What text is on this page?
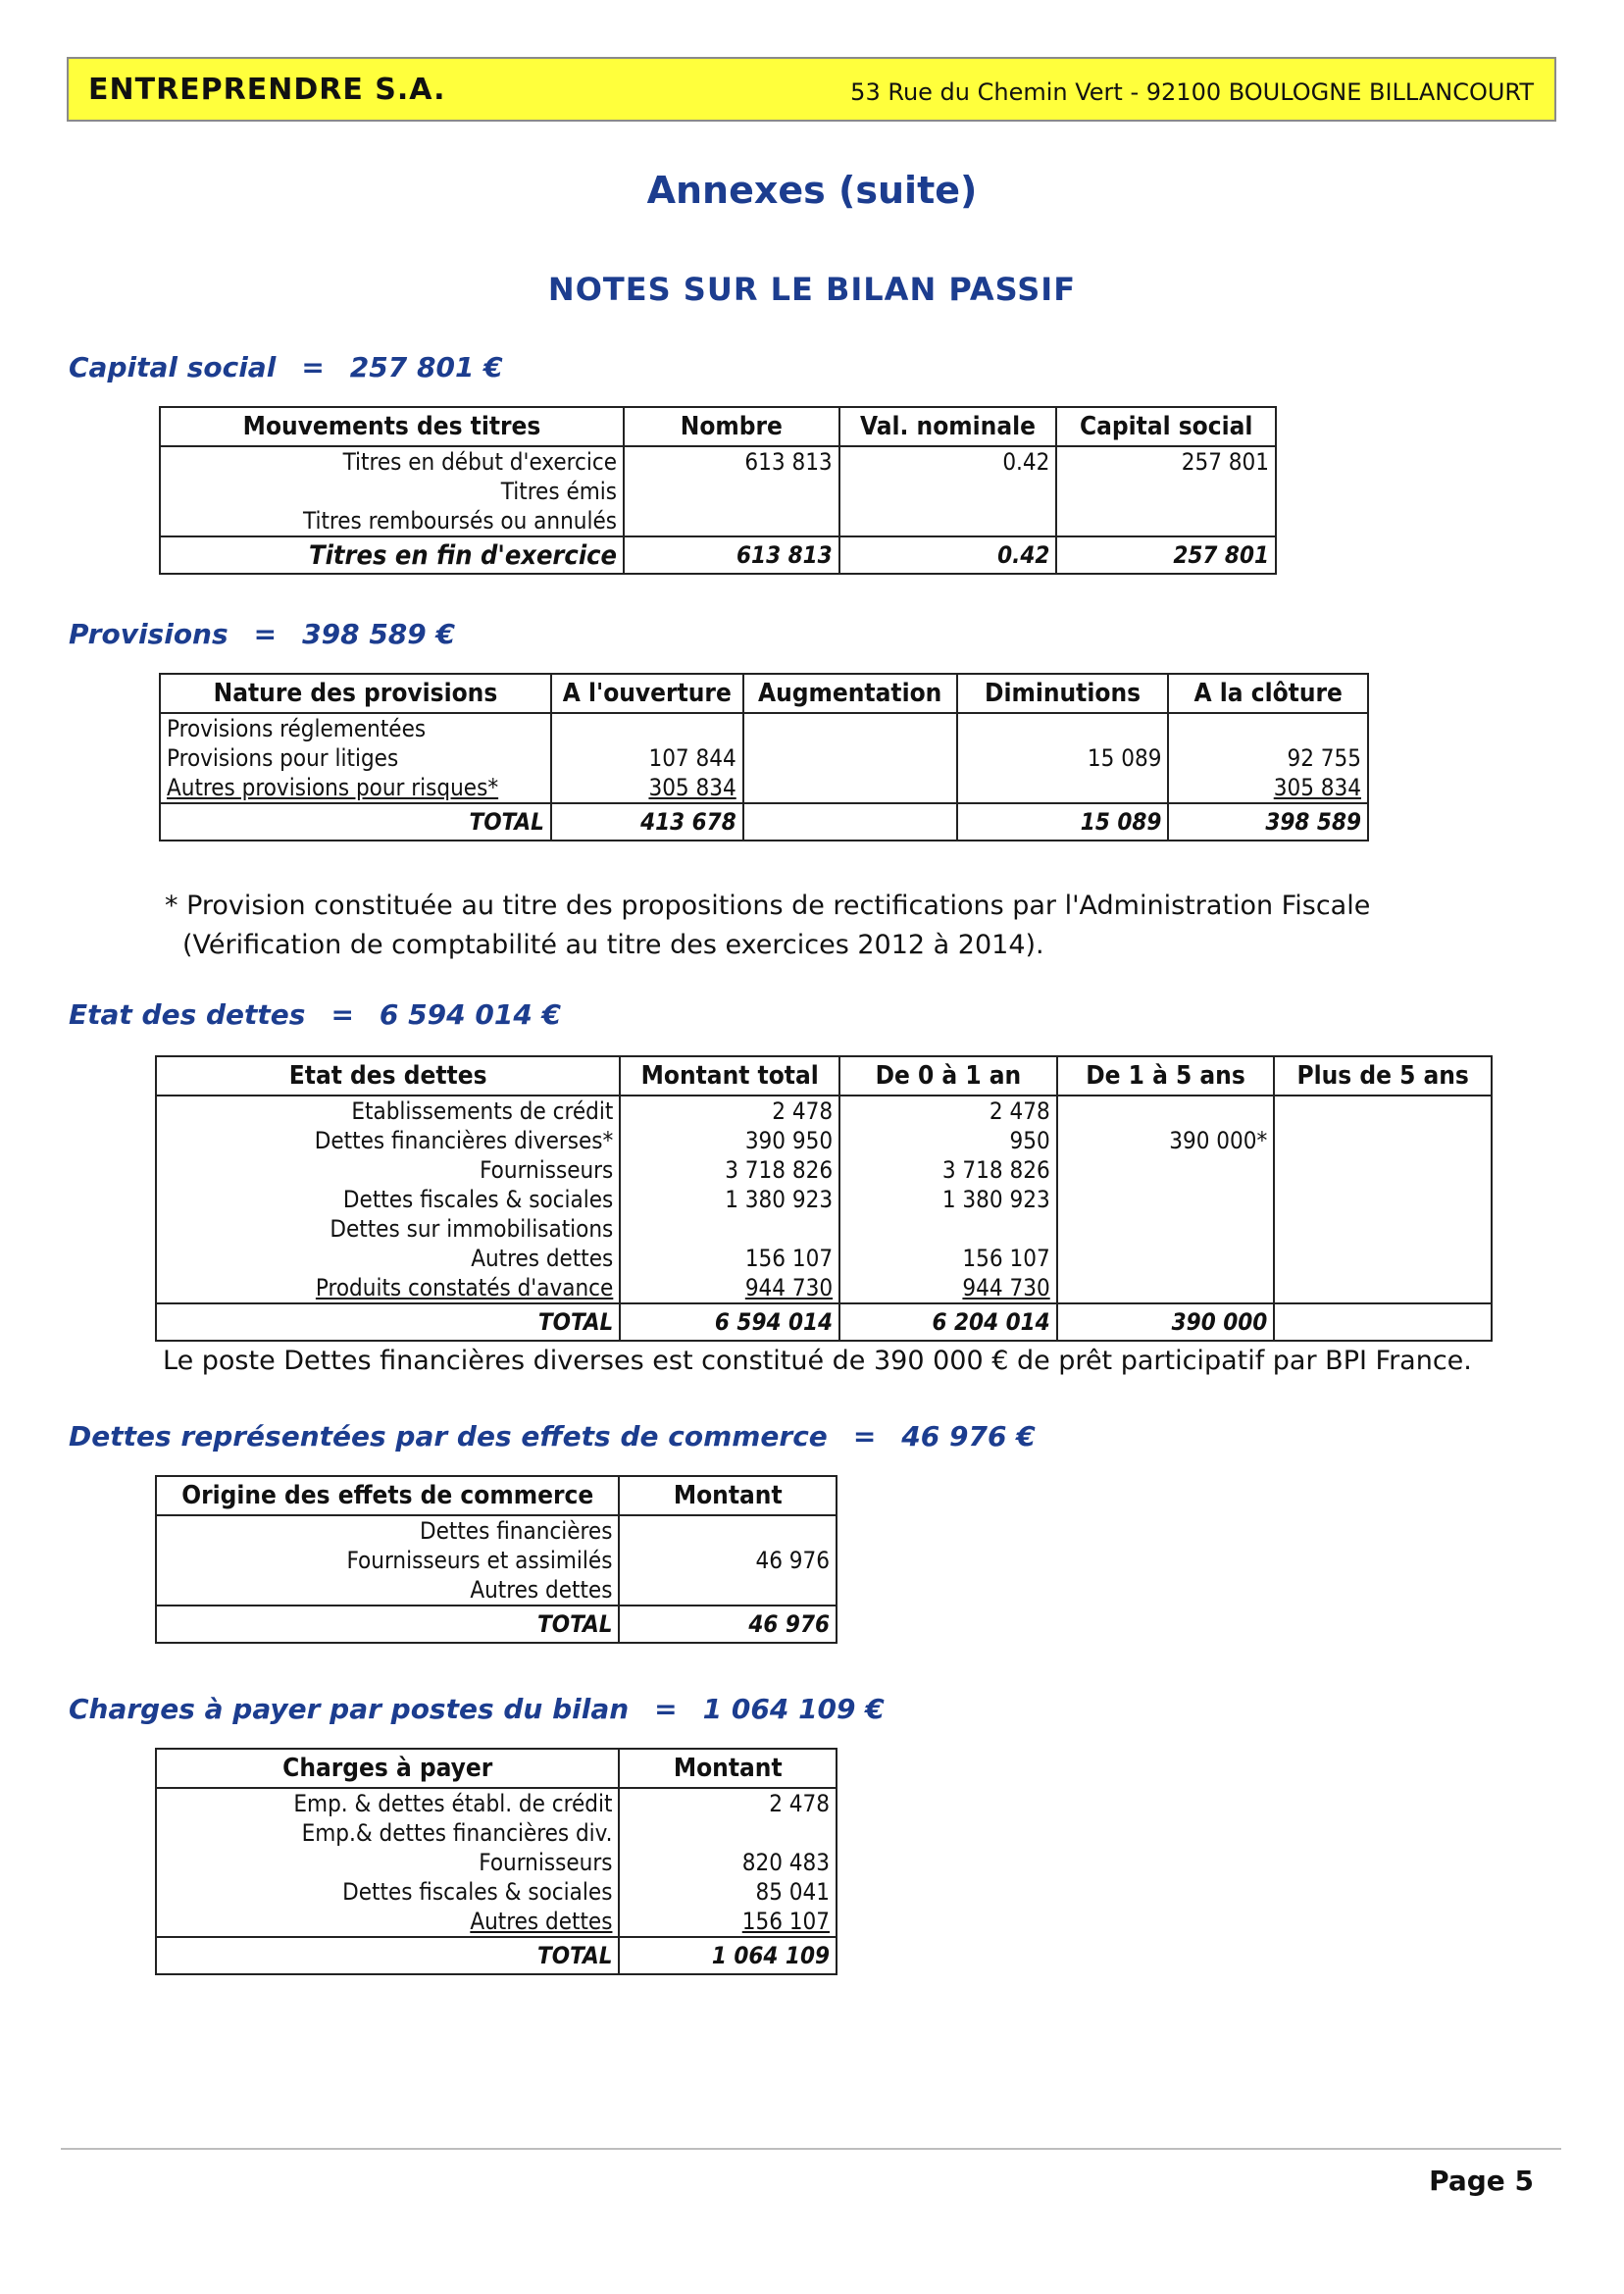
ENTREPRENDRE S.A.	53 Rue du Chemin Vert - 92100 BOULOGNE BILLANCOURT
Annexes (suite)
NOTES SUR LE BILAN PASSIF
Capital social = 257 801 €
Mouvements des titres	Nombre	Val. nominale	Capital social
Titres en début d'exercice	613 813	0.42	257 801
Titres émis			
Titres remboursés ou annulés			
Titres en fin d'exercice	613 813	0.42	257 801
Provisions = 398 589 €
Nature des provisions	A l'ouverture	Augmentation	Diminutions	A la clôture
Provisions réglementées				
Provisions pour litiges	107 844		15 089	92 755
Autres provisions pour risques*	305 834			305 834
TOTAL	413 678		15 089	398 589
* Provision constituée au titre des propositions de rectifications par l'Administration Fiscale
(Vérification de comptabilité au titre des exercices 2012 à 2014).
Etat des dettes = 6 594 014 €
Etat des dettes	Montant total	De 0 à 1 an	De 1 à 5 ans	Plus de 5 ans
Etablissements de crédit	2 478	2 478		
Dettes financières diverses*	390 950	950	390 000*	
Fournisseurs	3 718 826	3 718 826		
Dettes fiscales & sociales	1 380 923	1 380 923		
Dettes sur immobilisations				
Autres dettes	156 107	156 107		
Produits constatés d'avance	944 730	944 730		
TOTAL	6 594 014	6 204 014	390 000	
Le poste Dettes financières diverses est constitué de 390 000 € de prêt participatif par BPI France.
Dettes représentées par des effets de commerce = 46 976 €
Origine des effets de commerce	Montant
Dettes financières	
Fournisseurs et assimilés	46 976
Autres dettes	
TOTAL	46 976
Charges à payer par postes du bilan = 1 064 109 €
Charges à payer	Montant
Emp. & dettes établ. de crédit	2 478
Emp.& dettes financières div.	
Fournisseurs	820 483
Dettes fiscales & sociales	85 041
Autres dettes	156 107
TOTAL	1 064 109
Page 5
